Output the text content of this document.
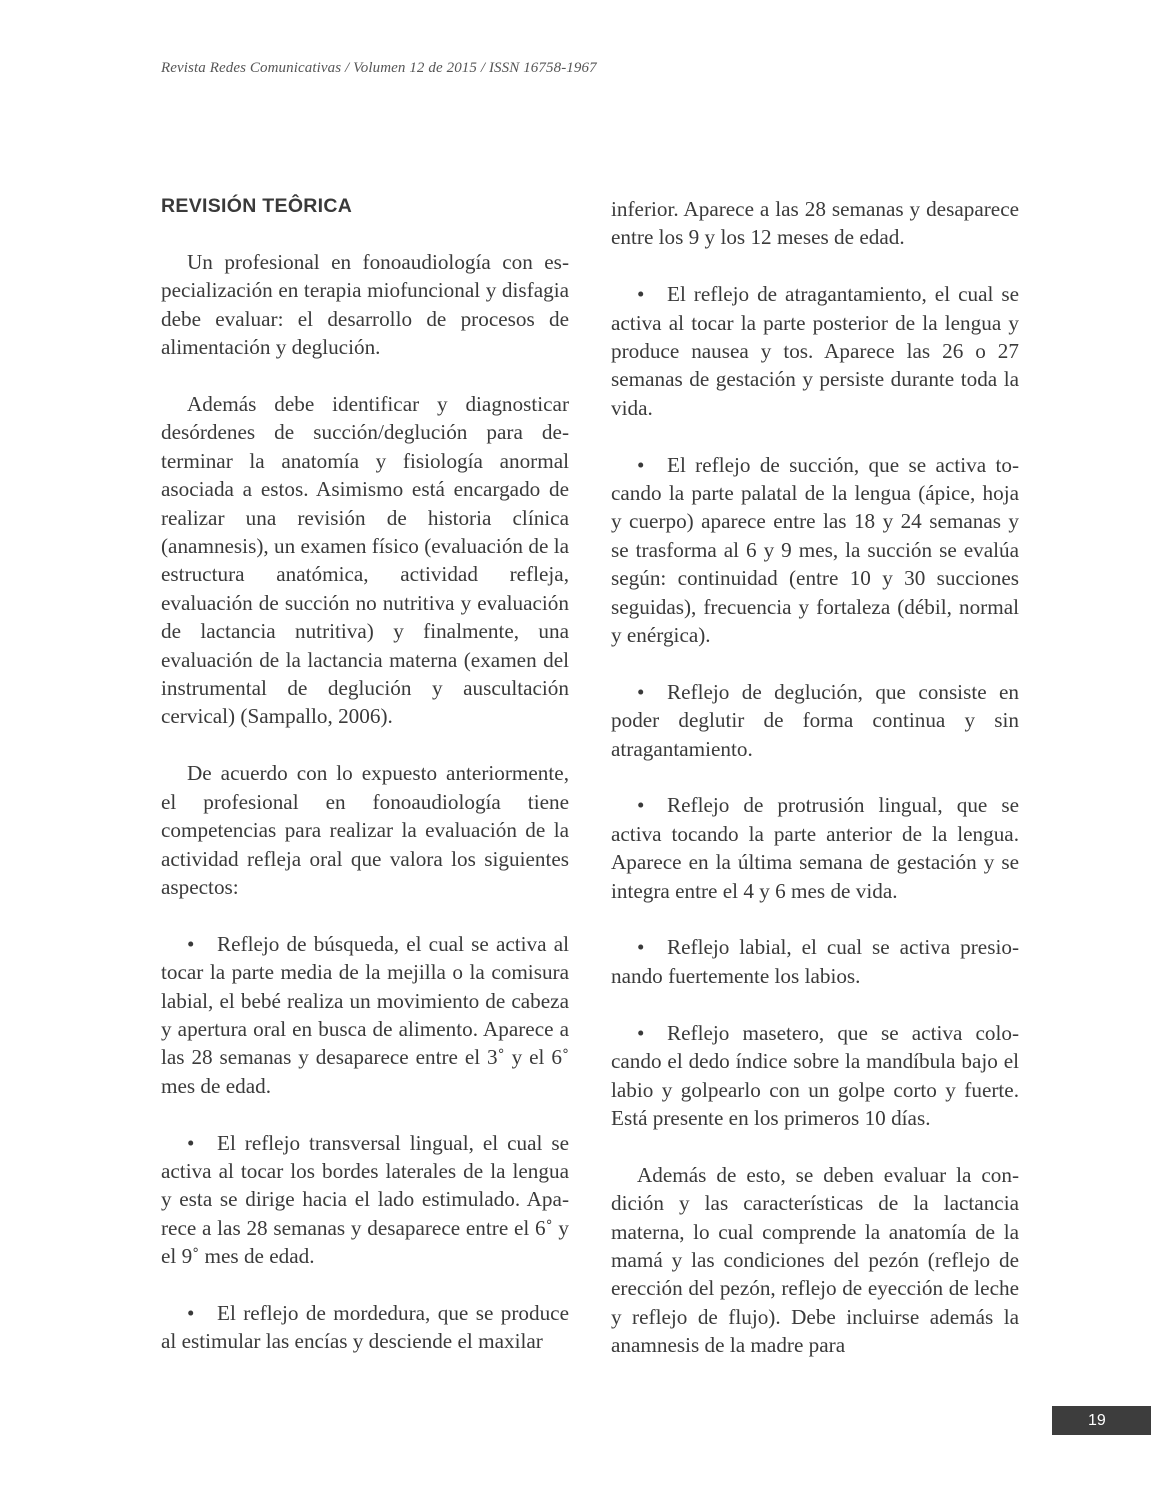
Revista Redes Comunicativas / Volumen 12 de 2015 / ISSN 16758-1967
REVISIÓN TEÔRICA

Un profesional en fonoaudiología con especialización en terapia miofuncional y disfagia debe evaluar: el desarrollo de procesos de alimentación y deglución.

Además debe identificar y diagnosticar desórdenes de succión/deglución para determinar la anatomía y fisiología anormal asociada a estos. Asimismo está encargado de realizar una revisión de historia clínica (anamnesis), un examen físico (evaluación de la estructura anatómica, actividad refleja, evaluación de succión no nutritiva y evaluación de lactancia nutritiva) y finalmente, una evaluación de la lactancia materna (examen del instrumental de deglución y auscultación cervical) (Sampallo, 2006).

De acuerdo con lo expuesto anteriormente, el profesional en fonoaudiología tiene competencias para realizar la evaluación de la actividad refleja oral que valora los siguientes aspectos:

• Reflejo de búsqueda, el cual se activa al tocar la parte media de la mejilla o la comisura labial, el bebé realiza un movimiento de cabeza y apertura oral en busca de alimento. Aparece a las 28 semanas y desaparece entre el 3˚ y el 6˚ mes de edad.

• El reflejo transversal lingual, el cual se activa al tocar los bordes laterales de la lengua y esta se dirige hacia el lado estimulado. Aparece a las 28 semanas y desaparece entre el 6˚ y el 9˚ mes de edad.

• El reflejo de mordedura, que se produce al estimular las encías y desciende el maxilar

inferior. Aparece a las 28 semanas y desaparece entre los 9 y los 12 meses de edad.

• El reflejo de atragantamiento, el cual se activa al tocar la parte posterior de la lengua y produce nausea y tos. Aparece las 26 o 27 semanas de gestación y persiste durante toda la vida.

• El reflejo de succión, que se activa tocando la parte palatal de la lengua (ápice, hoja y cuerpo) aparece entre las 18 y 24 semanas y se trasforma al 6 y 9 mes, la succión se evalúa según: continuidad (entre 10 y 30 succiones seguidas), frecuencia y fortaleza (débil, normal y enérgica).

• Reflejo de deglución, que consiste en poder deglutir de forma continua y sin atragantamiento.

• Reflejo de protrusión lingual, que se activa tocando la parte anterior de la lengua. Aparece en la última semana de gestación y se integra entre el 4 y 6 mes de vida.

• Reflejo labial, el cual se activa presionando fuertemente los labios.

• Reflejo masetero, que se activa colocando el dedo índice sobre la mandíbula bajo el labio y golpearlo con un golpe corto y fuerte. Está presente en los primeros 10 días.

Además de esto, se deben evaluar la condición y las características de la lactancia materna, lo cual comprende la anatomía de la mamá y las condiciones del pezón (reflejo de erección del pezón, reflejo de eyección de leche y reflejo de flujo). Debe incluirse además la anamnesis de la madre para

19
